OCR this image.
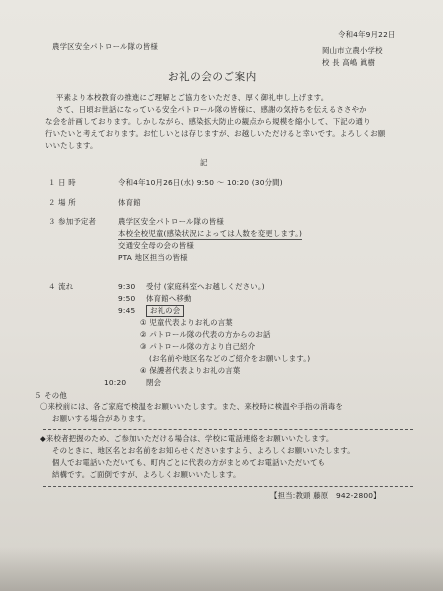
令和4年9月22日
農学区安全パトロール隊の皆様	岡山市立農小学校
校 長 高嶋 眞樹
お礼の会のご案内
平素より本校教育の推進にご理解とご協力をいただき、厚く御礼申し上げます。
さて、日頃お世話になっている安全パトロール隊の皆様に、感謝の気持ちを伝えるささやか
な会を計画しております。しかしながら、感染拡大防止の観点から規模を縮小して、下記の通り
行いたいと考えております。お忙しいとは存じますが、お越しいただけると幸いです。よろしくお願
いいたします。
記
１ 日 時	令和4年10月26日(水) 9:50 ～ 10:20 (30分間)
２ 場 所	体育館
３ 参加予定者	農学区安全パトロール隊の皆様
本校全校児童(感染状況によっては人数を変更します。)
交通安全母の会の皆様
PTA 地区担当の皆様
４ 流れ	9:30 受付 (家庭科室へお越しください。)
9:50 体育館へ移動
9:45	お礼の会
① 児童代表よりお礼の言葉
② パトロール隊の代表の方からのお話
③ パトロール隊の方より自己紹介
(お名前や地区名などのご紹介をお願いします。)
④ 保護者代表よりお礼の言葉
10:20	閉会
５ その他
〇来校前には、各ご家庭で検温をお願いいたします。また、来校時に検温や手指の消毒を
お願いする場合があります。
◆来校者把握のため、ご参加いただける場合は、学校に電話連絡をお願いいたします。
そのときに、地区名とお名前をお知らせくださいますよう、よろしくお願いいたします。
個人でお電話いただいても、町内ごとに代表の方がまとめてお電話いただいても
結構です。ご面倒ですが、よろしくお願いいたします。
【担当:教頭 藤原　942-2800】
